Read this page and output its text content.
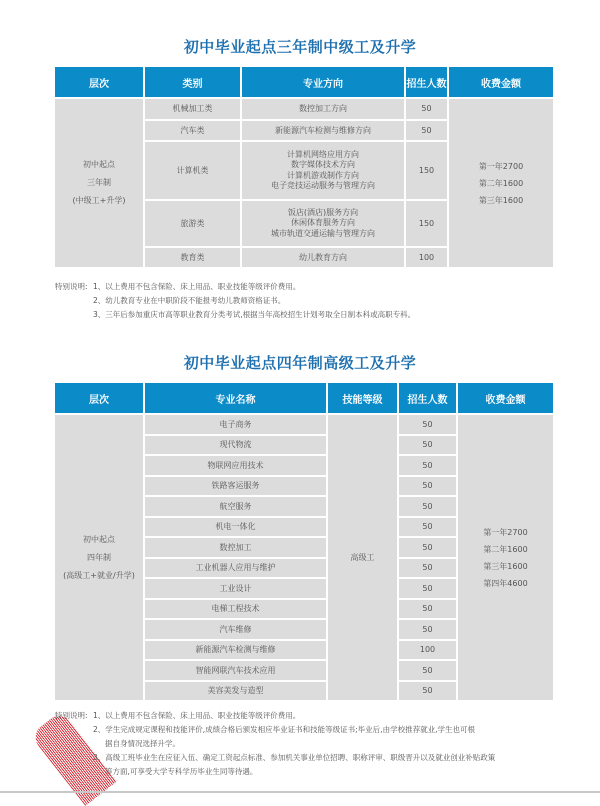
初中毕业起点三年制中级工及升学
层次	类别	专业方向	招生人数	收费金额

初中起点
三年制
(中级工+升学)
	机械加工类	数控加工方向	50	
第一年2700
第二年1600
第三年1600

	汽车类	新能源汽车检测与维修方向	50	
	计算机类	计算机网络应用方向
数字媒体技术方向
计算机游戏制作方向
电子竞技运动服务与管理方向	150	
	旅游类	饭店(酒店)服务方向
休闲体育服务方向
城市轨道交通运输与管理方向	150	
	教育类	幼儿教育方向	100	
特别说明: 1、以上费用不包含保险、床上用品、职业技能等级评价费用。
2、幼儿教育专业在中职阶段不能报考幼儿教师资格证书。
3、三年后参加重庆市高等职业教育分类考试,根据当年高校招生计划考取全日制本科或高职专科。
初中毕业起点四年制高级工及升学
层次	专业名称	技能等级	招生人数	收费金额

初中起点
四年制
(高级工+就业/升学)
	电子商务	高级工	50	
第一年2700
第二年1600
第三年1600
第四年4600

	现代物流		50	
	物联网应用技术		50	
	铁路客运服务		50	
	航空服务		50	
	机电一体化		50	
	数控加工		50	
	工业机器人应用与维护		50	
	工业设计		50	
	电梯工程技术		50	
	汽车维修		50	
	新能源汽车检测与维修		100	
	智能网联汽车技术应用		50	
	美容美发与造型		50	
特别说明: 1、以上费用不包含保险、床上用品、职业技能等级评价费用。
2、学生完成规定课程和技能评价,成绩合格后颁发相应毕业证书和技能等级证书;毕业后,由学校推荐就业,学生也可根
据自身情况选择升学。
3、高级工班毕业生在应征入伍、确定工资起点标准、参加机关事业单位招聘、职称评审、职级晋升以及就业创业补贴政策
等方面,可享受大学专科学历毕业生同等待遇。
